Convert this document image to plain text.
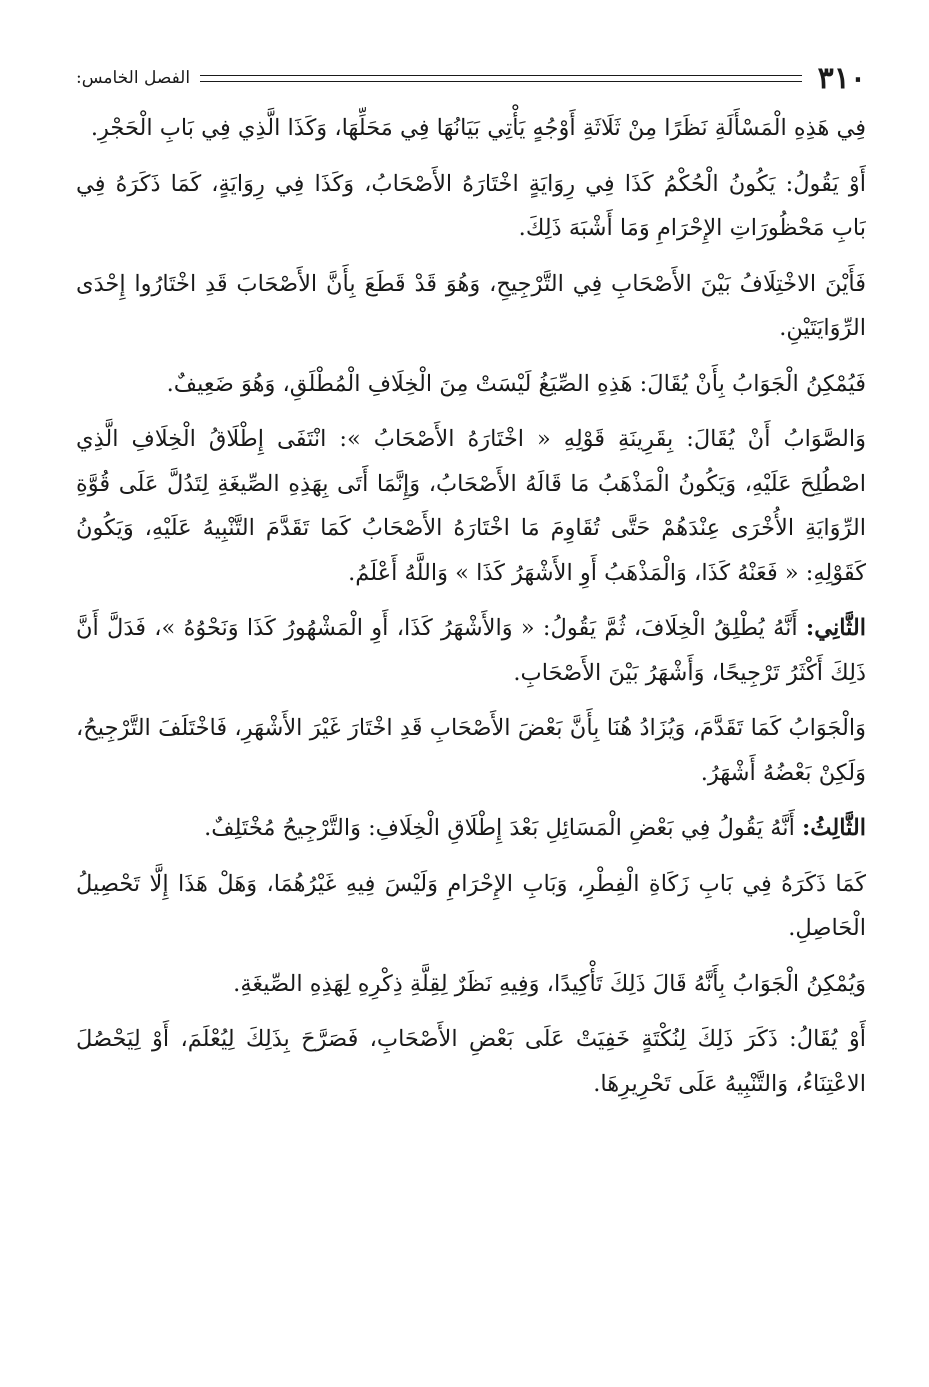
٣١٠
الفصل الخامس:

فِي هَذِهِ الْمَسْأَلَةِ نَظَرًا مِنْ ثَلَاثَةِ أَوْجُهٍ يَأْتِي بَيَانُهَا فِي مَحَلِّهَا، وَكَذَا الَّذِي فِي بَابِ الْحَجْرِ.

أَوْ يَقُولُ: يَكُونُ الْحُكْمُ كَذَا فِي رِوَايَةٍ اخْتَارَهُ الأَصْحَابُ، وَكَذَا فِي رِوَايَةٍ، كَمَا ذَكَرَهُ فِي بَابِ مَحْظُورَاتِ الإِحْرَامِ وَمَا أَشْبَهَ ذَلِكَ.

فَأَيْنَ الاخْتِلَافُ بَيْنَ الأَصْحَابِ فِي التَّرْجِيحِ، وَهُوَ قَدْ قَطَعَ بِأَنَّ الأَصْحَابَ قَدِ اخْتَارُوا إِحْدَى الرِّوَايَتَيْنِ.

فَيُمْكِنُ الْجَوَابُ بِأَنْ يُقَالَ: هَذِهِ الصِّيَغُ لَيْسَتْ مِنَ الْخِلَافِ الْمُطْلَقِ، وَهُوَ ضَعِيفٌ.

وَالصَّوَابُ أَنْ يُقَالَ: بِقَرِينَةِ قَوْلِهِ « اخْتَارَهُ الأَصْحَابُ »: انْتَفَى إِطْلَاقُ الْخِلَافِ الَّذِي اصْطُلِحَ عَلَيْهِ، وَيَكُونُ الْمَذْهَبُ مَا قَالَهُ الأَصْحَابُ، وَإِنَّمَا أَتَى بِهَذِهِ الصِّيغَةِ لِتَدُلَّ عَلَى قُوَّةِ الرِّوَايَةِ الأُخْرَى عِنْدَهُمْ حَتَّى تُقَاوِمَ مَا اخْتَارَهُ الأَصْحَابُ كَمَا تَقَدَّمَ التَّنْبِيهُ عَلَيْهِ، وَيَكُونُ كَقَوْلِهِ: « فَعَنْهُ كَذَا، وَالْمَذْهَبُ أَوِ الأَشْهَرُ كَذَا » وَاللَّهُ أَعْلَمُ.

الثَّانِي: أَنَّهُ يُطْلِقُ الْخِلَافَ، ثُمَّ يَقُولُ: « وَالأَشْهَرُ كَذَا، أَوِ الْمَشْهُورُ كَذَا وَنَحْوُهُ »، فَدَلَّ أَنَّ ذَلِكَ أَكْثَرُ تَرْجِيحًا، وَأَشْهَرُ بَيْنَ الأَصْحَابِ.

وَالْجَوَابُ كَمَا تَقَدَّمَ، وَيُزَادُ هُنَا بِأَنَّ بَعْضَ الأَصْحَابِ قَدِ اخْتَارَ غَيْرَ الأَشْهَرِ، فَاخْتَلَفَ التَّرْجِيحُ، وَلَكِنْ بَعْضُهُ أَشْهَرُ.

الثَّالِثُ: أَنَّهُ يَقُولُ فِي بَعْضِ الْمَسَائِلِ بَعْدَ إِطْلَاقِ الْخِلَافِ: وَالتَّرْجِيحُ مُخْتَلِفٌ.

كَمَا ذَكَرَهُ فِي بَابِ زَكَاةِ الْفِطْرِ، وَبَابِ الإِحْرَامِ وَلَيْسَ فِيهِ غَيْرُهُمَا، وَهَلْ هَذَا إِلَّا تَحْصِيلُ الْحَاصِلِ.

وَيُمْكِنُ الْجَوَابُ بِأَنَّهُ قَالَ ذَلِكَ تَأْكِيدًا، وَفِيهِ نَظَرٌ لِقِلَّةِ ذِكْرِهِ لِهَذِهِ الصِّيغَةِ.

أَوْ يُقَالُ: ذَكَرَ ذَلِكَ لِنُكْتَةٍ خَفِيَتْ عَلَى بَعْضِ الأَصْحَابِ، فَصَرَّحَ بِذَلِكَ لِيُعْلَمَ، أَوْ لِيَحْصُلَ الاعْتِنَاءُ، وَالتَّنْبِيهُ عَلَى تَحْرِيرِهَا.
